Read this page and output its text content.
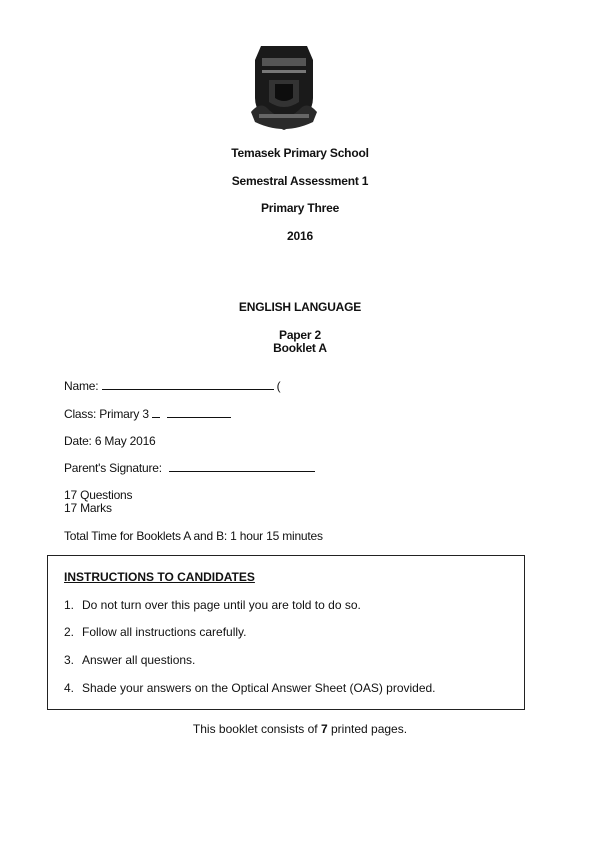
Temasek Primary School
Semestral Assessment 1
Primary Three
2016
ENGLISH LANGUAGE
Paper 2
Booklet A
Name:	(
Class: Primary 3
Date: 6 May 2016
Parent's Signature:
17 Questions
17 Marks
Total Time for Booklets A and B: 1 hour 15 minutes
INSTRUCTIONS TO CANDIDATES
1. Do not turn over this page until you are told to do so.
2. Follow all instructions carefully.
3. Answer all questions.
4. Shade your answers on the Optical Answer Sheet (OAS) provided.
This booklet consists of 7 printed pages.
